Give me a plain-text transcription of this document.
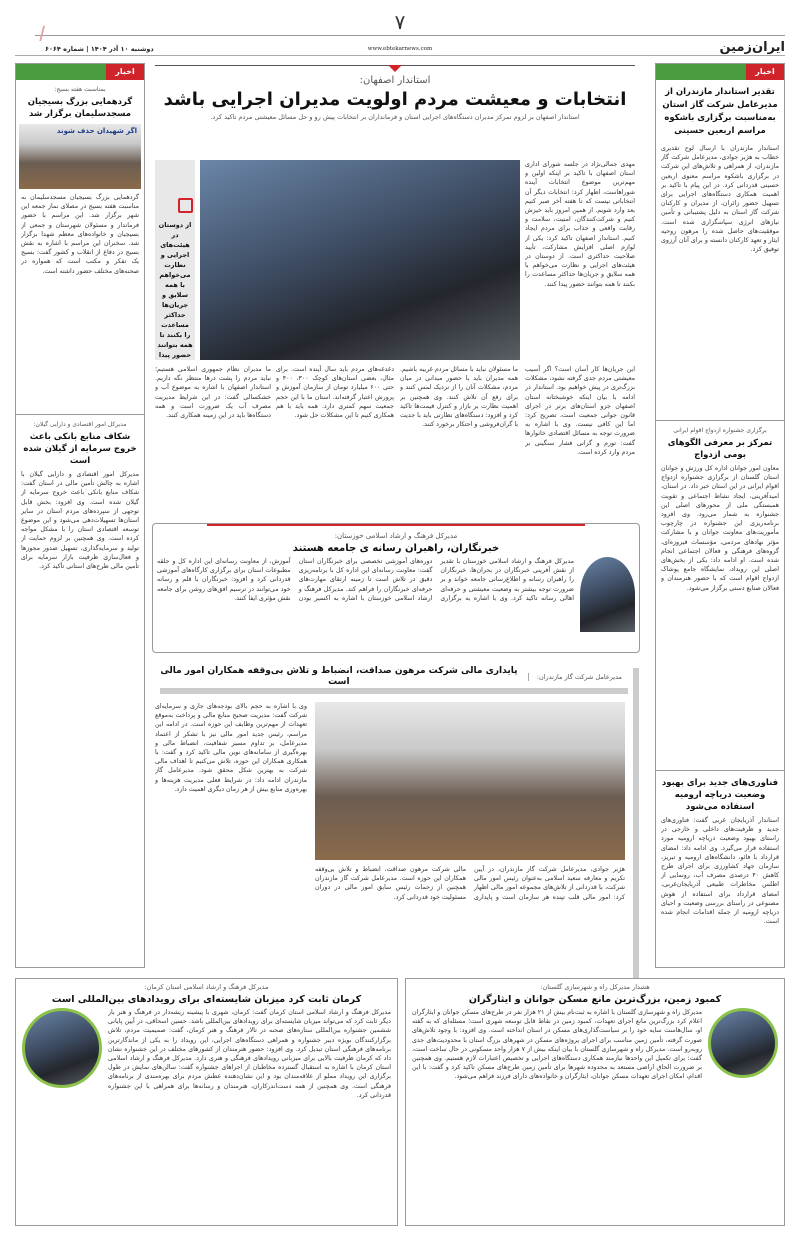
۷
ایران‌زمین
www.ebtekarnews.com
دوشنبه ۱۰ آذر ۱۴۰۴ | شماره ۶۰۶۴
ا
اخبار
تقدیر استاندار مازندران از مدیرعامل شرکت گاز استان به‌مناسبت برگزاری باشکوه مراسم اربعین حسینی
استاندار مازندران با ارسال لوح تقدیری خطاب به هژبر جوادی، مدیرعامل شرکت گاز مازندران، از همراهی و تلاش‌های این شرکت در برگزاری باشکوه مراسم معنوی اربعین حسینی قدردانی کرد. در این پیام با تاکید بر اهمیت همکاری دستگاه‌های اجرایی برای تسهیل حضور زائران، از مدیران و کارکنان شرکت گاز استان به دلیل پشتیبانی و تأمین نیازهای انرژی سپاسگزاری شده است. موفقیت‌های حاصل شده را مرهون روحیه ایثار و تعهد کارکنان دانسته و برای آنان آرزوی توفیق کرد.
برگزاری جشنواره ازدواج اقوام ایرانی
تمرکز بر معرفی الگوهای بومی ازدواج
معاون امور جوانان اداره کل ورزش و جوانان استان گلستان از برگزاری جشنواره ازدواج اقوام ایرانی در این استان خبر داد. در استان، امیدآفرینی، ایجاد نشاط اجتماعی و تقویت همبستگی ملی از محورهای اصلی این جشنواره به شمار می‌رود. وی افزود برنامه‌ریزی این جشنواره در چارچوب مأموریت‌های معاونت جوانان و با مشارکت مؤثر نهادهای مردمی، مؤسسات فیروزه‌ای، گروه‌های فرهنگی و فعالان اجتماعی انجام شده است. او ادامه داد: یکی از بخش‌های اصلی این رویداد، نمایشگاه جامع پوشاک ازدواج اقوام است که با حضور هنرمندان و فعالان صنایع دستی برگزار می‌شود.
فناوری‌های جدید برای بهبود وضعیت دریاچه ارومیه استفاده می‌شود
استاندار آذربایجان غربی گفت: فناوری‌های جدید و ظرفیت‌های داخلی و خارجی در راستای بهبود وضعیت دریاچه ارومیه مورد استفاده قرار می‌گیرد. وی ادامه داد: امضای قرارداد با فائو، دانشگاه‌های ارومیه و تبریز، سازمان جهاد کشاورزی برای اجرای طرح کاهش ۴۰ درصدی مصرف آب، رونمایی از اطلس مخاطرات طبیعی آذربایجان‌غربی، امضای قرارداد برای استفاده از هوش مصنوعی در راستای بررسی وضعیت و احیای دریاچه ارومیه از جمله اقدامات انجام شده است.
اخبار
بمناسبت هفته بسیج:
گردهمایی بزرگ بسیجیان مسجدسلیمان برگزار شد
اگر شهیدان حذف شوند
گردهمایی بزرگ بسیجیان مسجدسلیمان به مناسبت هفته بسیج در مصلای نماز جمعه این شهر برگزار شد. این مراسم با حضور فرماندار و مسئولان شهرستان و جمعی از بسیجیان و خانواده‌های معظم شهدا برگزار شد. سخنران این مراسم با اشاره به نقش بسیج در دفاع از انقلاب و کشور گفت: بسیج یک تفکر و مکتب است که همواره در صحنه‌های مختلف حضور داشته است.
مدیرکل امور اقتصادی و دارایی گیلان:
شکاف منابع بانکی باعث خروج سرمایه از گیلان شده است
مدیرکل امور اقتصادی و دارایی گیلان با اشاره به چالش تأمین مالی در استان گفت: شکاف منابع بانکی باعث خروج سرمایه از گیلان شده است. وی افزود: بخش قابل توجهی از سپرده‌های مردم استان در سایر استان‌ها تسهیلات‌دهی می‌شود و این موضوع توسعه اقتصادی استان را با مشکل مواجه کرده است. وی همچنین بر لزوم حمایت از تولید و سرمایه‌گذاری، تسهیل صدور مجوزها و فعال‌سازی ظرفیت بازار سرمایه برای تأمین مالی طرح‌های استانی تأکید کرد.
استاندار اصفهان:
انتخابات و معیشت مردم اولویت مدیران اجرایی باشد
استاندار اصفهان بر لزوم تمرکز مدیران دستگاه‌های اجرایی استان و فرمانداران بر انتخابات پیش رو و حل مسائل معیشتی مردم تاکید کرد.
از دوستان در هیئت‌های اجرایی و نظارت می‌خواهم با همه سلایق و جریان‌ها حداکثر مساعدت را بکنند تا همه بتوانند حضور پیدا
مهدی جمالی‌نژاد در جلسه شورای اداری استان اصفهان با تاکید بر اینکه اولین و مهم‌ترین موضوع انتخابات آینده شوراهاست، اظهار کرد: انتخابات دیگر آن انتخاباتی نیست که تا هفته آخر صبر کنیم بعد وارد شویم. از همین امروز باید خیزش کنیم و شرکت‌کنندگان، امنیت، سلامت و رقابت واقعی و جذاب برای مردم ایجاد کنیم. استاندار اصفهان تاکید کرد: یکی از لوازم اصلی افزایش مشارکت، تأیید صلاحیت حداکثری است. از دوستان در هیئت‌های اجرایی و نظارت می‌خواهم با همه سلایق و جریان‌ها حداکثر مساعدت را بکنند تا همه بتوانند حضور پیدا کنند.
این جریان‌ها کار آسان است؟ اگر آسیب معیشتی مردم جدی گرفته نشود، مشکلات بزرگ‌تری در پیش خواهیم بود. استاندار در ادامه با بیان اینکه خوشبختانه استان اصفهان جزو استان‌های برتر در اجرای قانون جوانی جمعیت است، تصریح کرد: اما این کافی نیست. وی با اشاره به ضرورت توجه به مسائل اقتصادی خانوارها گفت: تورم و گرانی فشار سنگینی بر مردم وارد کرده است.
ما مسئولان نباید با مسائل مردم غریبه باشیم. همه مدیران باید با حضور میدانی در میان مردم، مشکلات آنان را از نزدیک لمس کنند و برای رفع آن تلاش کنند. وی همچنین بر اهمیت نظارت بر بازار و کنترل قیمت‌ها تاکید کرد و افزود: دستگاه‌های نظارتی باید با جدیت با گران‌فروشی و احتکار برخورد کنند.
دغدغه‌های مردم باید سال آینده است. برای مثال، بعضی استان‌های کوچک ۳۰۰، ۴۰۰ و حتی ۶۰۰ میلیارد تومان از سازمان آموزش و پرورش اعتبار گرفته‌اند. استان ما با این حجم جمعیت سهم کمتری دارد. همه باید با هم همکاری کنیم تا این مشکلات حل شود.
ما مدیران نظام جمهوری اسلامی هستیم؛ نباید مردم را پشت درها منتظر نگه داریم. استاندار اصفهان با اشاره به موضوع آب و خشکسالی گفت: در این شرایط مدیریت مصرف آب یک ضرورت است و همه دستگاه‌ها باید در این زمینه همکاری کنند.
مدیرکل فرهنگ و ارشاد اسلامی خوزستان:
خبرنگاران، راهبران رسانه ی جامعه هستند
مدیرکل فرهنگ و ارشاد اسلامی خوزستان با تقدیر از نقش آفرینی خبرنگاران در بحران‌ها، خبرنگاران را راهبران رسانه و اطلاع‌رسانی جامعه خواند و بر ضرورت توجه بیشتر به وضعیت معیشتی و حرفه‌ای اهالی رسانه تاکید کرد. وی با اشاره به برگزاری دوره‌های آموزشی تخصصی برای خبرنگاران استان گفت: معاونت رسانه‌ای این اداره کل با برنامه‌ریزی دقیق در تلاش است تا زمینه ارتقای مهارت‌های حرفه‌ای خبرنگاران را فراهم کند. مدیرکل فرهنگ و ارشاد اسلامی خوزستان با اشاره به اکسیر بودن آموزش، از معاونت رسانه‌ای این اداره کل و حلقه مطبوعات استان برای برگزاری کارگاه‌های آموزشی قدردانی کرد و افزود: خبرنگاران با قلم و رسانه خود می‌توانند در ترسیم افق‌های روشن برای جامعه نقش مؤثری ایفا کنند.
مدیرعامل شرکت گاز مازندران:
پایداری مالی شرکت مرهون صداقت، انضباط و تلاش بی‌وقفه همکاران امور مالی است
هژبر جوادی، مدیرعامل شرکت گاز مازندران، در آیین تکریم و معارفه سعید اسلامی به‌عنوان رئیس امور مالی شرکت، با قدردانی از تلاش‌های مجموعه امور مالی اظهار کرد: امور مالی قلب تپنده هر سازمان است و پایداری مالی شرکت مرهون صداقت، انضباط و تلاش بی‌وقفه همکاران این حوزه است. مدیرعامل شرکت گاز مازندران همچنین از زحمات رئیس سابق امور مالی در دوران مسئولیت خود قدردانی کرد.
وی با اشاره به حجم بالای بودجه‌های جاری و سرمایه‌ای شرکت گفت: مدیریت صحیح منابع مالی و پرداخت به‌موقع تعهدات از مهم‌ترین وظایف این حوزه است. در ادامه این مراسم، رئیس جدید امور مالی نیز با تشکر از اعتماد مدیرعامل، بر تداوم مسیر شفافیت، انضباط مالی و بهره‌گیری از سامانه‌های نوین مالی تاکید کرد و گفت: با همکاری همکاران این حوزه، تلاش می‌کنیم تا اهداف مالی شرکت به بهترین شکل محقق شود. مدیرعامل گاز مازندران ادامه داد: در شرایط فعلی مدیریت هزینه‌ها و بهره‌وری منابع بیش از هر زمان دیگری اهمیت دارد.
هشدار مدیرکل راه و شهرسازی گلستان:
کمبود زمین، بزرگ‌ترین مانع مسکن جوانان و ایثارگران
مدیرکل راه و شهرسازی گلستان با اشاره به ثبت‌نام بیش از ۲۱ هزار نفر در طرح‌های مسکن جوانان و ایثارگران اعلام کرد بزرگ‌ترین مانع اجرای تعهدات، کمبود زمین در نقاط قابل توسعه شهری است؛ مسئله‌ای که به گفته او، سال‌هاست سایه خود را بر سیاست‌گذاری‌های مسکن در استان انداخته است. وی افزود: با وجود تلاش‌های صورت گرفته، تأمین زمین مناسب برای اجرای پروژه‌های مسکن در شهرهای بزرگ استان با محدودیت‌های جدی روبه‌رو است. مدیرکل راه و شهرسازی گلستان با بیان اینکه بیش از ۷ هزار واحد مسکونی در حال ساخت است، گفت: برای تکمیل این واحدها نیازمند همکاری دستگاه‌های اجرایی و تخصیص اعتبارات لازم هستیم. وی همچنین بر ضرورت الحاق اراضی مستعد به محدوده شهرها برای تأمین زمین طرح‌های مسکن تاکید کرد و گفت: با این اقدام، امکان اجرای تعهدات مسکن جوانان، ایثارگران و خانواده‌های دارای فرزند فراهم می‌شود.
مدیرکل فرهنگ و ارشاد اسلامی استان کرمان:
کرمان ثابت کرد میزبان شایسته‌ای برای رویدادهای بین‌المللی است
مدیرکل فرهنگ و ارشاد اسلامی استان کرمان گفت: کرمان، شهری با پیشینه ریشه‌دار در فرهنگ و هنر بار دیگر ثابت کرد که می‌تواند میزبان شایسته‌ای برای رویدادهای بین‌المللی باشد. حسین اسحاقی، در آیین پایانی ششمین جشنواره بین‌المللی ستاره‌های صحنه در تالار فرهنگ و هنر کرمان، گفت: صمیمیت مردم، تلاش برگزارکنندگان بویژه دبیر جشنواره و همراهی دستگاه‌های اجرایی، این رویداد را به یکی از ماندگارترین برنامه‌های فرهنگی استان تبدیل کرد. وی افزود: حضور هنرمندان از کشورهای مختلف در این جشنواره نشان داد که کرمان ظرفیت بالایی برای میزبانی رویدادهای فرهنگی و هنری دارد. مدیرکل فرهنگ و ارشاد اسلامی استان کرمان با اشاره به استقبال گسترده مخاطبان از اجراهای جشنواره گفت: سالن‌های نمایش در طول برگزاری این رویداد مملو از علاقه‌مندان بود و این نشان‌دهنده عطش مردم برای بهره‌مندی از برنامه‌های فرهنگی است. وی همچنین از همه دست‌اندرکاران، هنرمندان و رسانه‌ها برای همراهی با این جشنواره قدردانی کرد.
